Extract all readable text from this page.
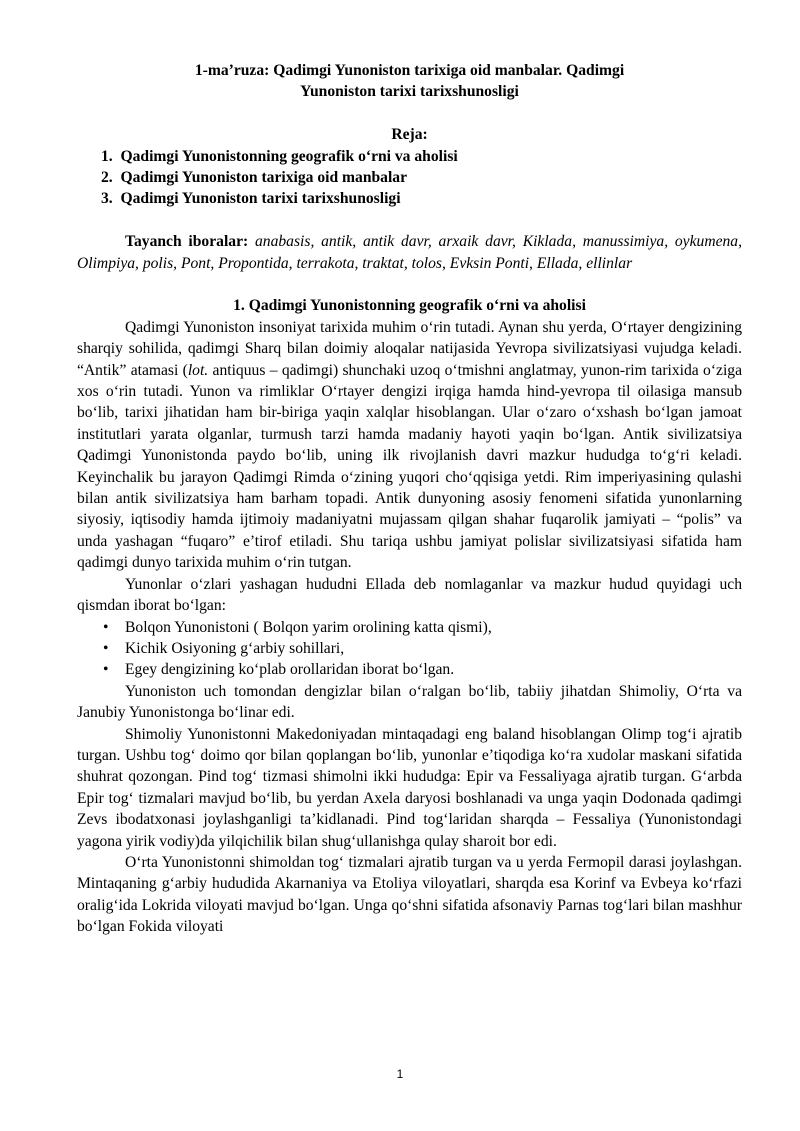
1-ma’ruza: Qadimgi Yunoniston tarixiga oid manbalar. Qadimgi
Yunoniston tarixi tarixshunosligi

Reja:

1. Qadimgi Yunonistonning geografik o‘rni va aholisi
2. Qadimgi Yunoniston tarixiga oid manbalar
3. Qadimgi Yunoniston tarixi tarixshunosligi

Tayanch iboralar: anabasis, antik, antik davr, arxaik davr, Kiklada, manussimiya, oykumena, Olimpiya, polis, Pont, Propontida, terrakota, traktat, tolos, Evksin Ponti, Ellada, ellinlar

1. Qadimgi Yunonistonning geografik o‘rni va aholisi

Qadimgi Yunoniston insoniyat tarixida muhim o‘rin tutadi. Aynan shu yerda, O‘rtayer dengizining sharqiy sohilida, qadimgi Sharq bilan doimiy aloqalar natijasida Yevropa sivilizatsiyasi vujudga keladi. “Antik” atamasi (lot. antiquus – qadimgi) shunchaki uzoq o‘tmishni anglatmay, yunon-rim tarixida o‘ziga xos o‘rin tutadi. Yunon va rimliklar O‘rtayer dengizi irqiga hamda hind-yevropa til oilasiga mansub bo‘lib, tarixi jihatidan ham bir-biriga yaqin xalqlar hisoblangan. Ular o‘zaro o‘xshash bo‘lgan jamoat institutlari yarata olganlar, turmush tarzi hamda madaniy hayoti yaqin bo‘lgan. Antik sivilizatsiya Qadimgi Yunonistonda paydo bo‘lib, uning ilk rivojlanish davri mazkur hududga to‘g‘ri keladi. Keyinchalik bu jarayon Qadimgi Rimda o‘zining yuqori cho‘qqisiga yetdi. Rim imperiyasining qulashi bilan antik sivilizatsiya ham barham topadi. Antik dunyoning asosiy fenomeni sifatida yunonlarning siyosiy, iqtisodiy hamda ijtimoiy madaniyatni mujassam qilgan shahar fuqarolik jamiyati – “polis” va unda yashagan “fuqaro” e’tirof etiladi. Shu tariqa ushbu jamiyat polislar sivilizatsiyasi sifatida ham qadimgi dunyo tarixida muhim o‘rin tutgan.

Yunonlar o‘zlari yashagan hududni Ellada deb nomlaganlar va mazkur hudud quyidagi uch qismdan iborat bo‘lgan:

• Bolqon Yunonistoni ( Bolqon yarim orolining katta qismi),
• Kichik Osiyoning g‘arbiy sohillari,
• Egey dengizining ko‘plab orollaridan iborat bo‘lgan.

Yunoniston uch tomondan dengizlar bilan o‘ralgan bo‘lib, tabiiy jihatdan Shimoliy, O‘rta va Janubiy Yunonistonga bo‘linar edi.

Shimoliy Yunonistonni Makedoniyadan mintaqadagi eng baland hisoblangan Olimp tog‘i ajratib turgan. Ushbu tog‘ doimo qor bilan qoplangan bo‘lib, yunonlar e’tiqodiga ko‘ra xudolar maskani sifatida shuhrat qozongan. Pind tog‘ tizmasi shimolni ikki hududga: Epir va Fessaliyaga ajratib turgan. G‘arbda Epir tog‘ tizmalari mavjud bo‘lib, bu yerdan Axela daryosi boshlanadi va unga yaqin Dodonada qadimgi Zevs ibodatxonasi joylashganligi ta’kidlanadi. Pind tog‘laridan sharqda – Fessaliya (Yunonistondagi yagona yirik vodiy)da yilqichilik bilan shug‘ullanishga qulay sharoit bor edi.

O‘rta Yunonistonni shimoldan tog‘ tizmalari ajratib turgan va u yerda Fermopil darasi joylashgan. Mintaqaning g‘arbiy hududida Akarnaniya va Etoliya viloyatlari, sharqda esa Korinf va Evbeya ko‘rfazi oralig‘ida Lokrida viloyati mavjud bo‘lgan. Unga qo‘shni sifatida afsonaviy Parnas tog‘lari bilan mashhur bo‘lgan Fokida viloyati

1
